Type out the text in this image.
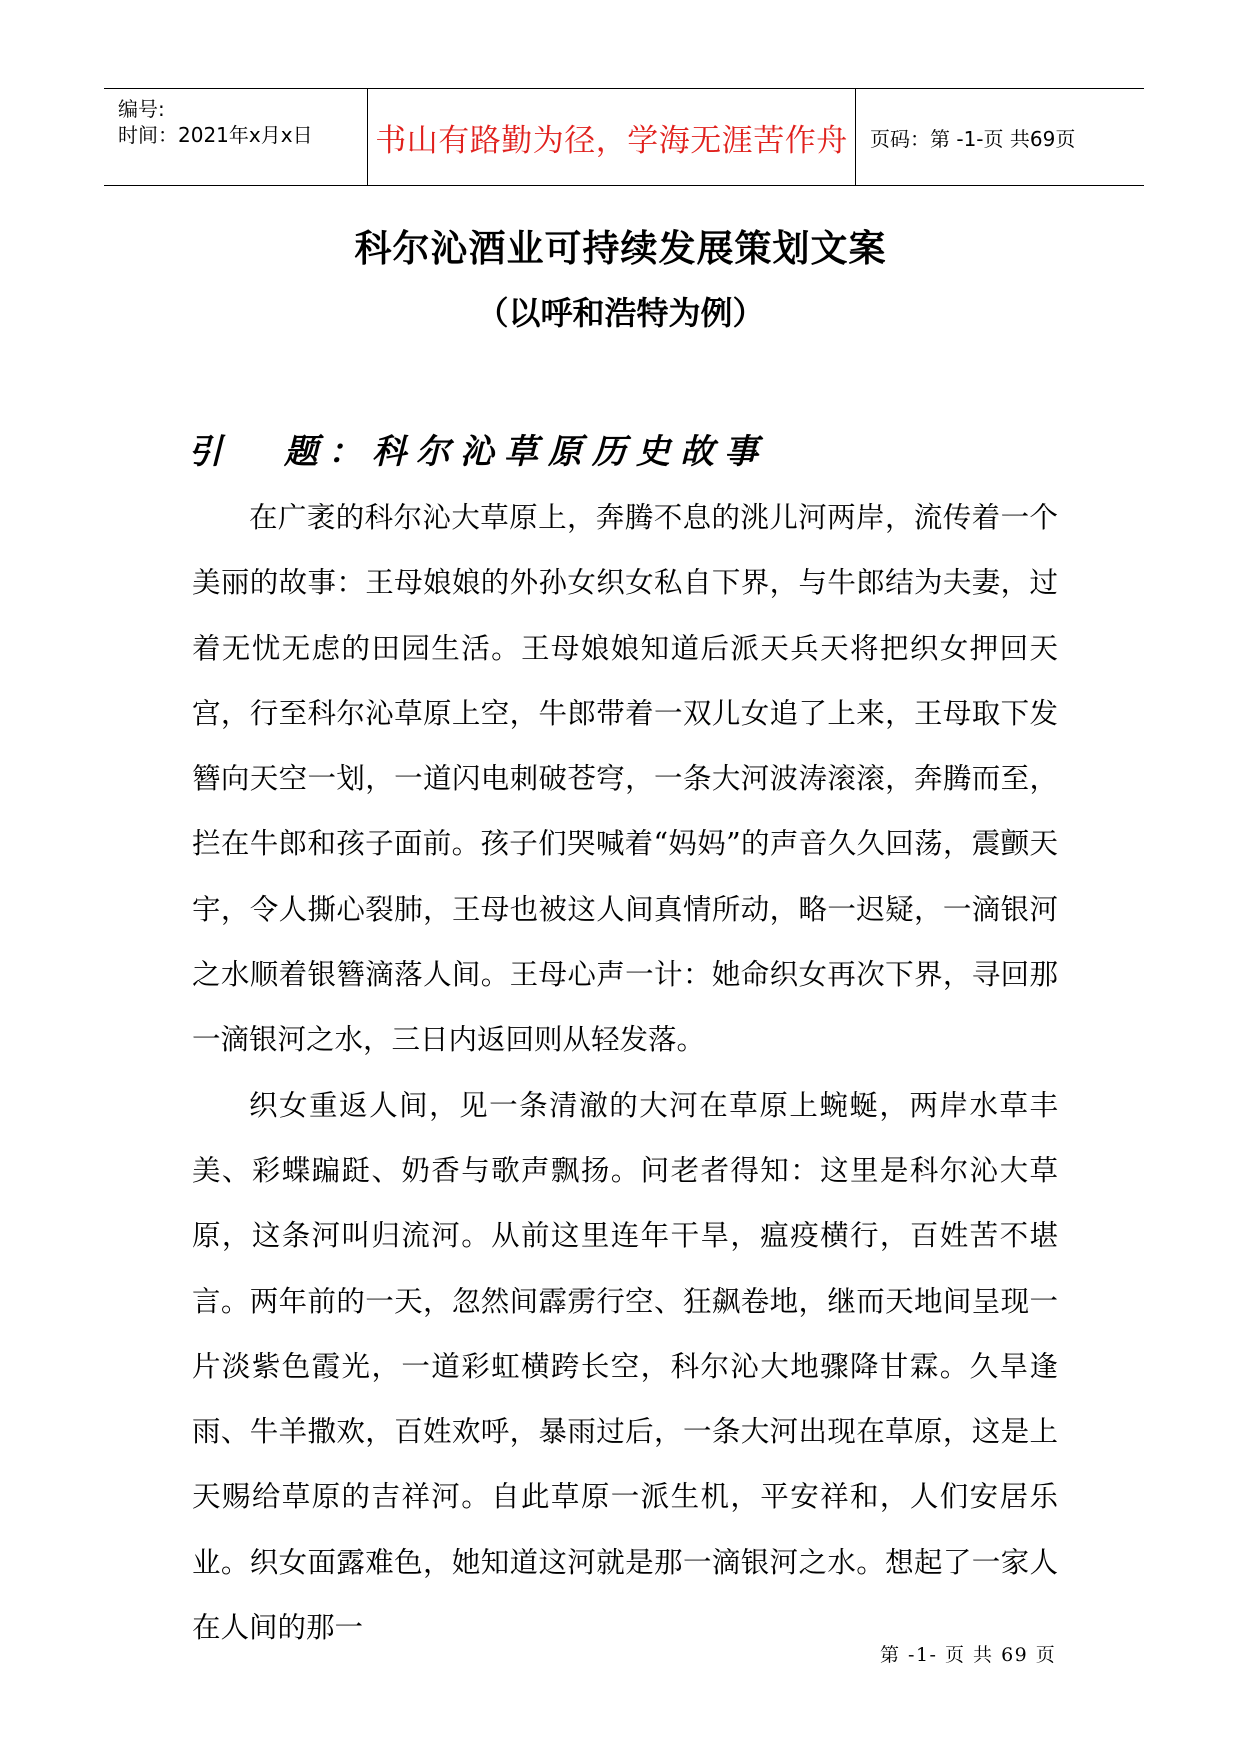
编号:
时间：2021年x月x日 书山有路勤为径，学海无涯苦作舟 页码：第 -1-页 共69页
科尔沁酒业可持续发展策划文案
（以呼和浩特为例）
引 题：科尔沁草原历史故事

在广袤的科尔沁大草原上，奔腾不息的洮儿河两岸，流传着一个美丽的故事：王母娘娘的外孙女织女私自下界，与牛郎结为夫妻，过着无忧无虑的田园生活。王母娘娘知道后派天兵天将把织女押回天宫，行至科尔沁草原上空，牛郎带着一双儿女追了上来，王母取下发簪向天空一划，一道闪电刺破苍穹，一条大河波涛滚滚，奔腾而至，拦在牛郎和孩子面前。孩子们哭喊着“妈妈”的声音久久回荡，震颤天宇，令人撕心裂肺，王母也被这人间真情所动，略一迟疑，一滴银河之水顺着银簪滴落人间。王母心声一计：她命织女再次下界，寻回那一滴银河之水，三日内返回则从轻发落。

织女重返人间，见一条清澈的大河在草原上蜿蜒，两岸水草丰美、彩蝶蹁跹、奶香与歌声飘扬。问老者得知：这里是科尔沁大草原，这条河叫归流河。从前这里连年干旱，瘟疫横行，百姓苦不堪言。两年前的一天，忽然间霹雳行空、狂飙卷地，继而天地间呈现一片淡紫色霞光，一道彩虹横跨长空，科尔沁大地骤降甘霖。久旱逢雨、牛羊撒欢，百姓欢呼，暴雨过后，一条大河出现在草原，这是上天赐给草原的吉祥河。自此草原一派生机，平安祥和，人们安居乐业。织女面露难色，她知道这河就是那一滴银河之水。想起了一家人在人间的那一

第 -1- 页 共 69 页
